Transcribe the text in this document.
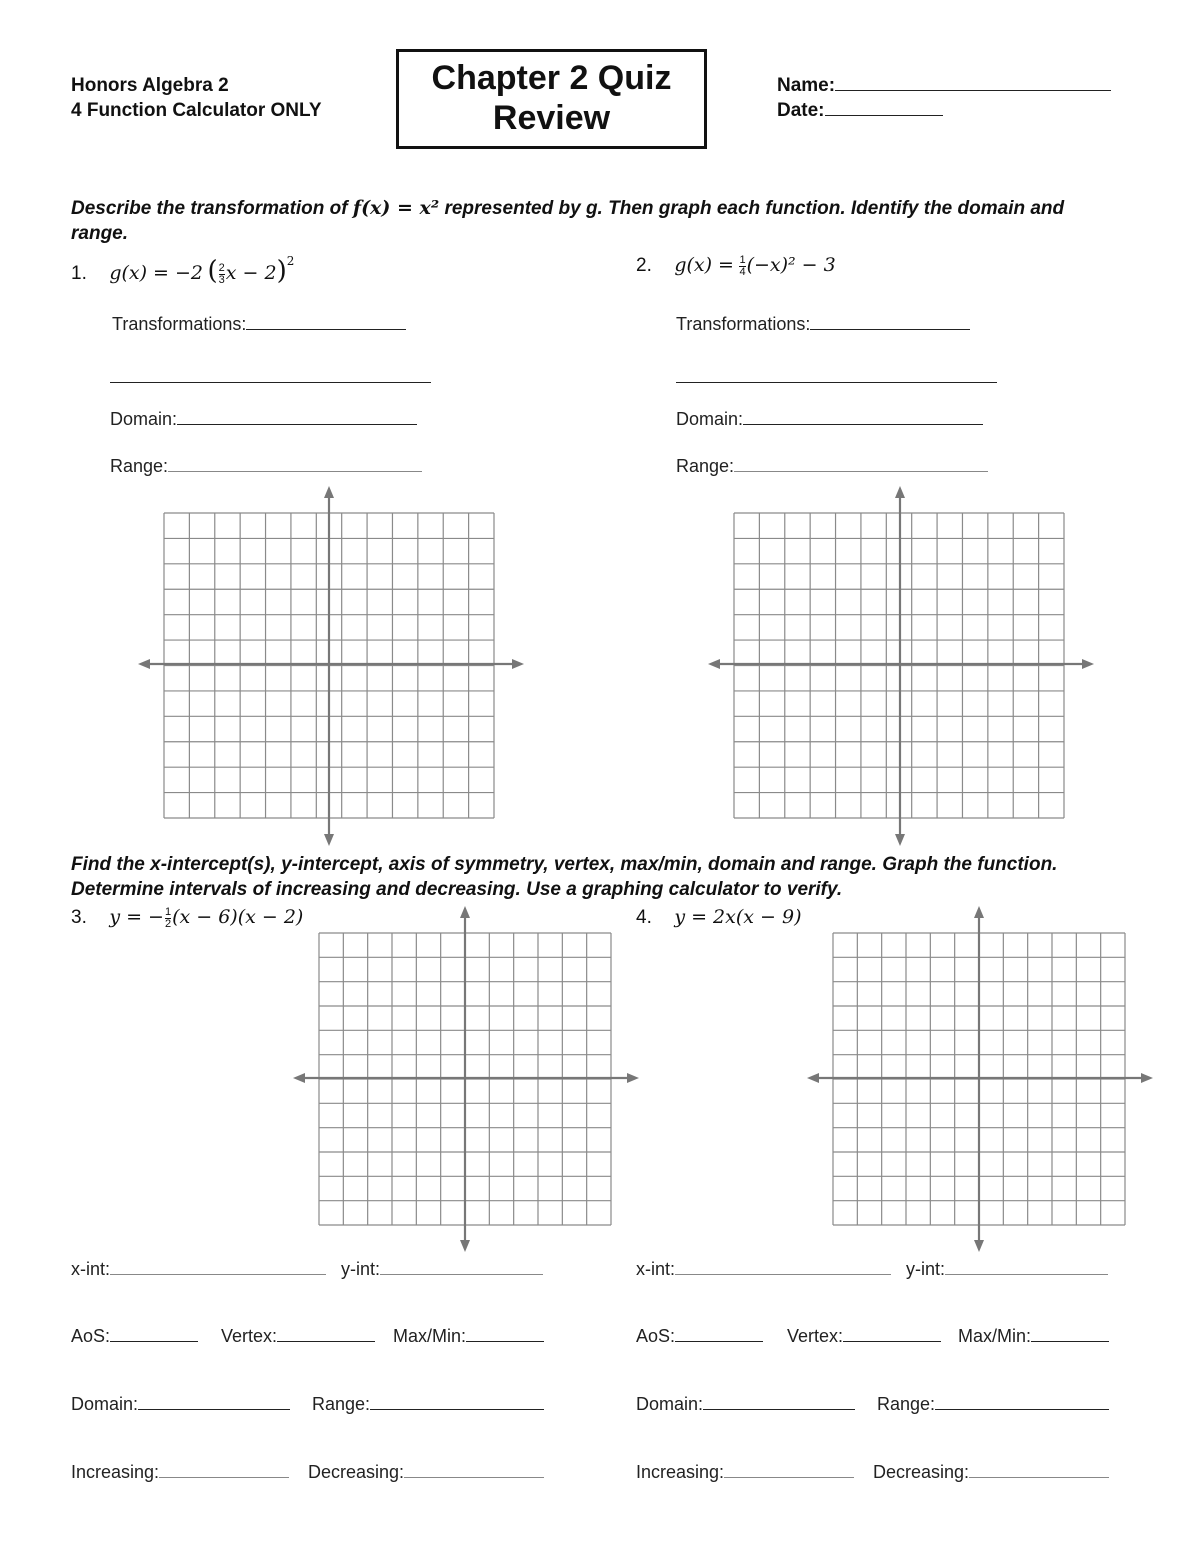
Honors Algebra 2
4 Function Calculator ONLY
Chapter 2 Quiz
Review
Name:
Date:
Describe the transformation of f(x) = x² represented by g. Then graph each function. Identify the domain and range.
1. g(x) = −2 ( $\frac{2}{3}$ x − 2)$^2$
Transformations:
Domain:
Range:
2. $g(x) = \frac{1}{4} (-x)^2 - 3$
Transformations:
Domain:
Range:
Find the x-intercept(s), y-intercept, axis of symmetry, vertex, max/min, domain and range. Graph the function. Determine intervals of increasing and decreasing. Use a graphing calculator to verify.
3. y = − $\frac{1}{2} (x - 6)(x - 2)$	4. y = 2x(x − 9)
x-int:	y-int:
AoS:	Vertex:	Max/Min:
Domain:	Range:
Increasing:	Decreasing:
x-int:	y-int:
AoS:	Vertex:	Max/Min:
Domain:	Range:
Increasing:	Decreasing:
